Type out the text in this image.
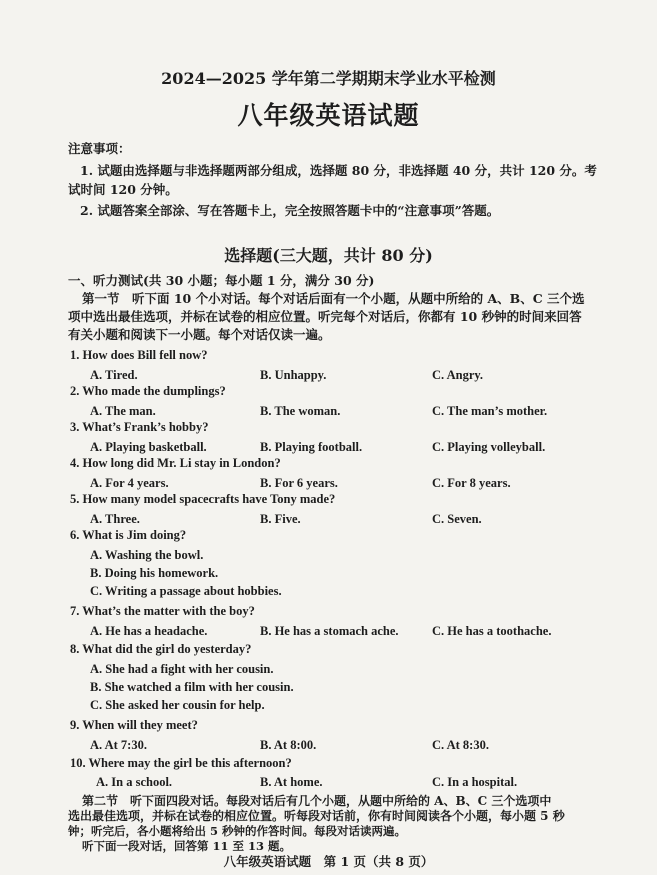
2024—2025 学年第二学期期末学业水平检测
八年级英语试题
注意事项：
1. 试题由选择题与非选择题两部分组成，选择题 80 分，非选择题 40 分，共计 120 分。考
试时间 120 分钟。
2. 试题答案全部涂、写在答题卡上，完全按照答题卡中的“注意事项”答题。
选择题(三大题，共计 80 分)
一、听力测试(共 30 小题；每小题 1 分，满分 30 分)
第一节　听下面 10 个小对话。每个对话后面有一个小题，从题中所给的 A、B、C 三个选
项中选出最佳选项，并标在试卷的相应位置。听完每个对话后，你都有 10 秒钟的时间来回答
有关小题和阅读下一小题。每个对话仅读一遍。
1. How does Bill fell now?
A. Tired.	B. Unhappy.	C. Angry.
2. Who made the dumplings?
A. The man.	B. The woman.	C. The man’s mother.
3. What’s Frank’s hobby?
A. Playing basketball.	B. Playing football.	C. Playing volleyball.
4. How long did Mr. Li stay in London?
A. For 4 years.	B. For 6 years.	C. For 8 years.
5. How many model spacecrafts have Tony made?
A. Three.	B. Five.	C. Seven.
6. What is Jim doing?
A. Washing the bowl.
B. Doing his homework.
C. Writing a passage about hobbies.
7. What’s the matter with the boy?
A. He has a headache.	B. He has a stomach ache.	C. He has a toothache.
8. What did the girl do yesterday?
A. She had a fight with her cousin.
B. She watched a film with her cousin.
C. She asked her cousin for help.
9. When will they meet?
A. At 7:30.	B. At 8:00.	C. At 8:30.
10. Where may the girl be this afternoon?
八年级英语试题　第 1 页（共 8 页）
A. In a school.	B. At home.	C. In a hospital.
第二节　听下面四段对话。每段对话后有几个小题，从题中所给的 A、B、C 三个选项中
选出最佳选项，并标在试卷的相应位置。听每段对话前，你有时间阅读各个小题，每小题 5 秒
钟；听完后，各小题将给出 5 秒钟的作答时间。每段对话读两遍。
听下面一段对话，回答第 11 至 13 题。
